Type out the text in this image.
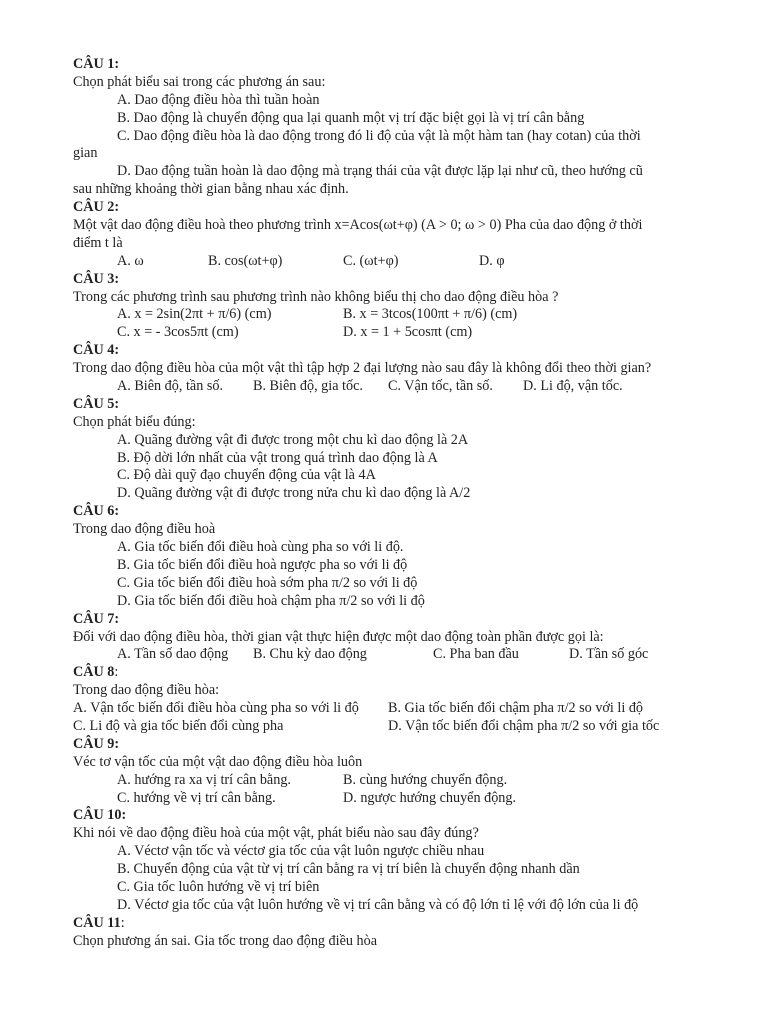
CÂU 1:
Chọn phát biểu sai trong các phương án sau:
A. Dao động điều hòa thì tuần hoàn
B. Dao động là chuyển động qua lại quanh một vị trí đặc biệt gọi là vị trí cân bằng
C. Dao động điều hòa là dao động trong đó li độ của vật là một hàm tan (hay cotan) của thời
gian
D. Dao động tuần hoàn là dao động mà trạng thái của vật được lặp lại như cũ, theo hướng cũ
sau những khoảng thời gian bằng nhau xác định.
CÂU 2:
Một vật dao động điều hoà theo phương trình x=Acos(ωt+φ) (A > 0; ω > 0) Pha của dao động ở thời
điểm t là
A. ω	B. cos(ωt+φ)	C. (ωt+φ)	D. φ
CÂU 3:
Trong các phương trình sau phương trình nào không biểu thị cho dao động điều hòa ?
A. x = 2sin(2πt + π/6) (cm)	B. x = 3tcos(100πt + π/6) (cm)
C. x = - 3cos5πt (cm)	D. x = 1 + 5cosπt (cm)
CÂU 4:
Trong dao động điều hòa của một vật thì tập hợp 2 đại lượng nào sau đây là không đổi theo thời gian?
A. Biên độ, tần số. B. Biên độ, gia tốc. C. Vận tốc, tần số. D. Li độ, vận tốc.
CÂU 5:
Chọn phát biểu đúng:
A. Quãng đường vật đi được trong một chu kì dao động là 2A
B. Độ dời lớn nhất của vật trong quá trình dao động là A
C. Độ dài quỹ đạo chuyển động của vật là 4A
D. Quãng đường vật đi được trong nửa chu kì dao động là A/2
CÂU 6:
Trong dao động điều hoà
A. Gia tốc biến đổi điều hoà cùng pha so với li độ.
B. Gia tốc biến đổi điều hoà ngược pha so với li độ
C. Gia tốc biến đổi điều hoà sớm pha π/2 so với li độ
D. Gia tốc biến đổi điều hoà chậm pha π/2 so với li độ
CÂU 7:
Đối với dao động điều hòa, thời gian vật thực hiện được một dao động toàn phần được gọi là:
A. Tần số dao động B. Chu kỳ dao động	C. Pha ban đầu	D. Tần số góc
CÂU 8:
Trong dao động điều hòa:
A. Vận tốc biến đổi điều hòa cùng pha so với li độ B. Gia tốc biến đổi chậm pha π/2 so với li độ
C. Li độ và gia tốc biến đổi cùng pha	D. Vận tốc biến đổi chậm pha π/2 so với gia tốc
CÂU 9:
Véc tơ vận tốc của một vật dao động điều hòa luôn
A. hướng ra xa vị trí cân bằng.	B. cùng hướng chuyển động.
C. hướng về vị trí cân bằng.	D. ngược hướng chuyển động.
CÂU 10:
Khi nói về dao động điều hoà của một vật, phát biểu nào sau đây đúng?
A. Véctơ vận tốc và véctơ gia tốc của vật luôn ngược chiều nhau
B. Chuyển động của vật từ vị trí cân bằng ra vị trí biên là chuyển động nhanh dần
C. Gia tốc luôn hướng về vị trí biên
D. Véctơ gia tốc của vật luôn hướng về vị trí cân bằng và có độ lớn tỉ lệ với độ lớn của li độ
CÂU 11:
Chọn phương án sai. Gia tốc trong dao động điều hòa
